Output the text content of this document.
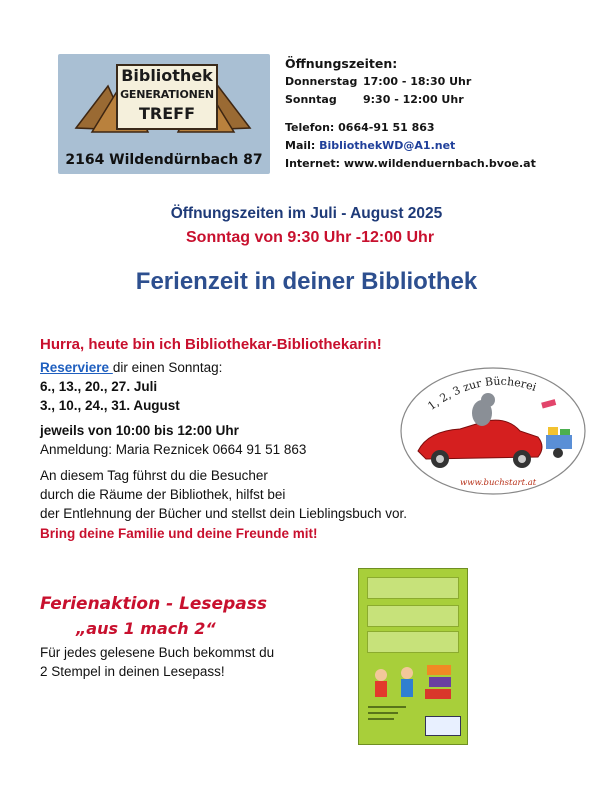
Bibliothek
GENERATIONEN
TREFF
2164 Wildendürnbach 87
Öffnungszeiten:
Donnerstag 17:00 - 18:30 Uhr
Sonntag	9:30 - 12:00 Uhr
Telefon: 0664-91 51 863
Mail: BibliothekWD@A1.net
Internet: www.wildenduernbach.bvoe.at
Öffnungszeiten im Juli - August 2025
Sonntag von 9:30 Uhr -12:00 Uhr
Ferienzeit in deiner Bibliothek
Hurra, heute bin ich Bibliothekar-Bibliothekarin!
Reserviere dir einen Sonntag:
6., 13., 20., 27. Juli
3., 10., 24., 31. August
jeweils von 10:00 bis 12:00 Uhr
Anmeldung: Maria Reznicek 0664 91 51 863
An diesem Tag führst du die Besucher
durch die Räume der Bibliothek, hilfst bei
der Entlehnung der Bücher und stellst dein Lieblingsbuch vor.
Bring deine Familie und deine Freunde mit!
1, 2, 3 zur Bücherei
www.buchstart.at
Ferienaktion - Lesepass
„aus 1 mach 2“
Für jedes gelesene Buch bekommst du
2 Stempel in deinen Lesepass!
